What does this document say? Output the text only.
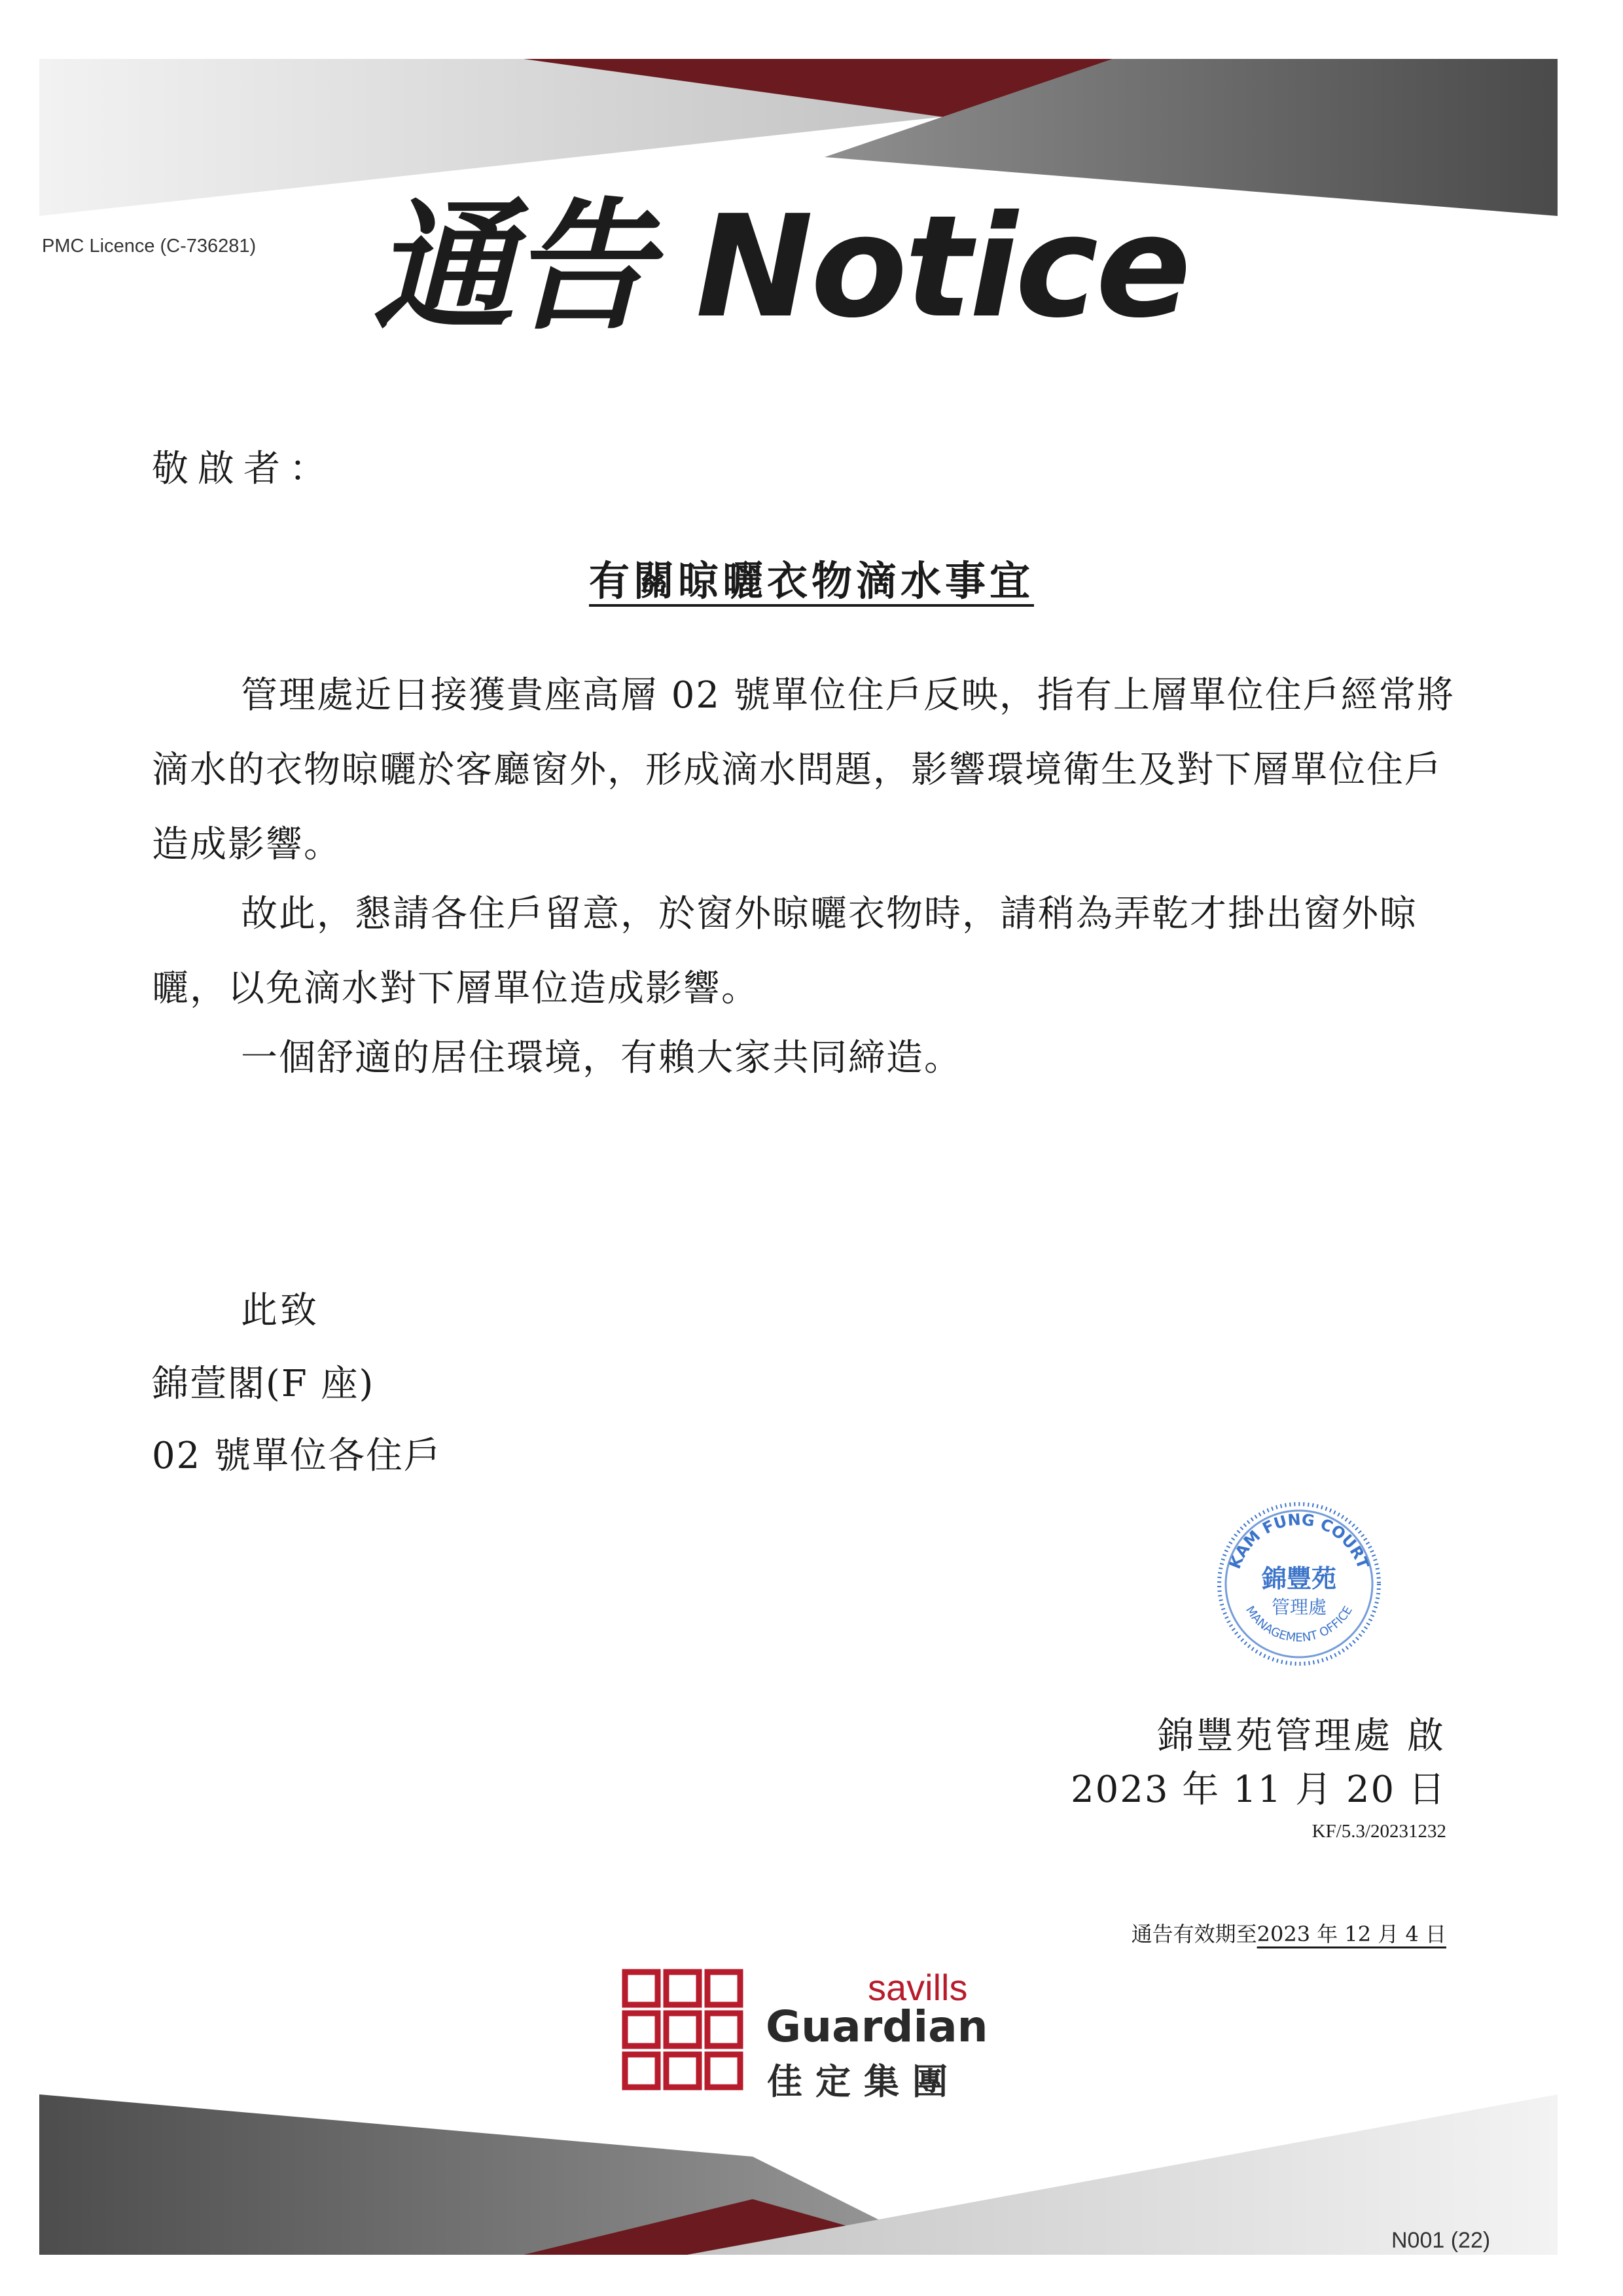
PMC Licence (C-736281) 通告 Notice
敬啟者：
有關晾曬衣物滴水事宜
管理處近日接獲貴座高層 02 號單位住戶反映，指有上層單位住戶經常將滴水的衣物晾曬於客廳窗外，形成滴水問題，影響環境衛生及對下層單位住戶造成影響。
故此，懇請各住戶留意，於窗外晾曬衣物時，請稍為弄乾才掛出窗外晾曬，以免滴水對下層單位造成影響。
一個舒適的居住環境，有賴大家共同締造。
此致
錦萱閣(F 座)
02 號單位各住戶
KAM FUNG COURT
錦豐苑
管理處
MANAGEMENT OFFICE
錦豐苑管理處 啟
2023 年 11 月 20 日
KF/5.3/20231232
通告有效期至2023 年 12 月 4 日
savills
Guardian
佳定集團
N001 (22)
